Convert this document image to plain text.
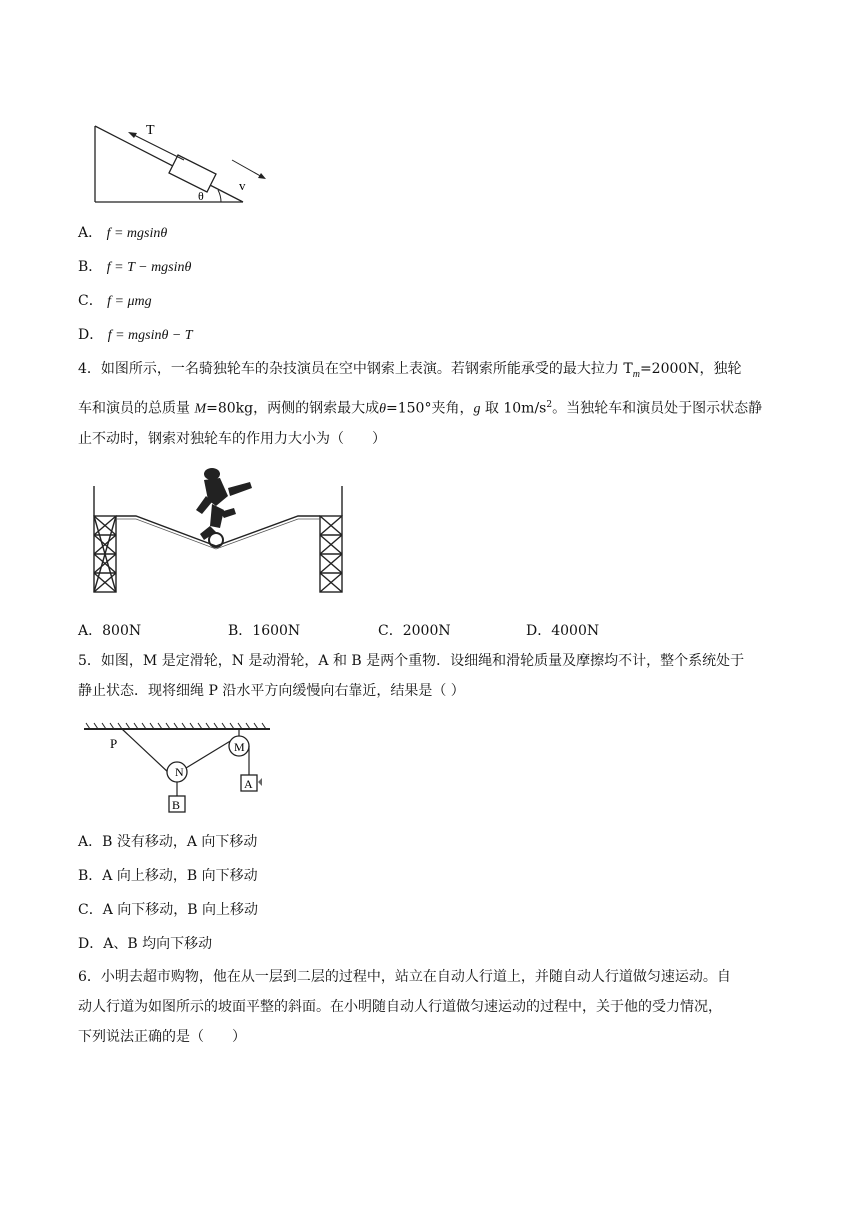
T
v
θ
A． f = mgsinθ
B． f = T − mgsinθ
C． f = μmg
D． f = mgsinθ − T
4．如图所示，一名骑独轮车的杂技演员在空中钢索上表演。若钢索所能承受的最大拉力 $T_m=2000N$，独轮
车和演员的总质量 M=80kg，两侧的钢索最大成θ=150°夹角，g 取 $10m/s^2$。当独轮车和演员处于图示状态静
止不动时，钢索对独轮车的作用力大小为（　　）
A．800N	B．1600N	C．2000N	D．4000N
5．如图，M 是定滑轮，N 是动滑轮，A 和 B 是两个重物．设细绳和滑轮质量及摩擦均不计，整个系统处于
静止状态．现将细绳 P 沿水平方向缓慢向右靠近，结果是（ ）
N
M
A
B
P
A．B 没有移动，A 向下移动
B．A 向上移动，B 向下移动
C．A 向下移动，B 向上移动
D．A、B 均向下移动
6．小明去超市购物，他在从一层到二层的过程中，站立在自动人行道上，并随自动人行道做匀速运动。自
动人行道为如图所示的坡面平整的斜面。在小明随自动人行道做匀速运动的过程中，关于他的受力情况，
下列说法正确的是（　　）
